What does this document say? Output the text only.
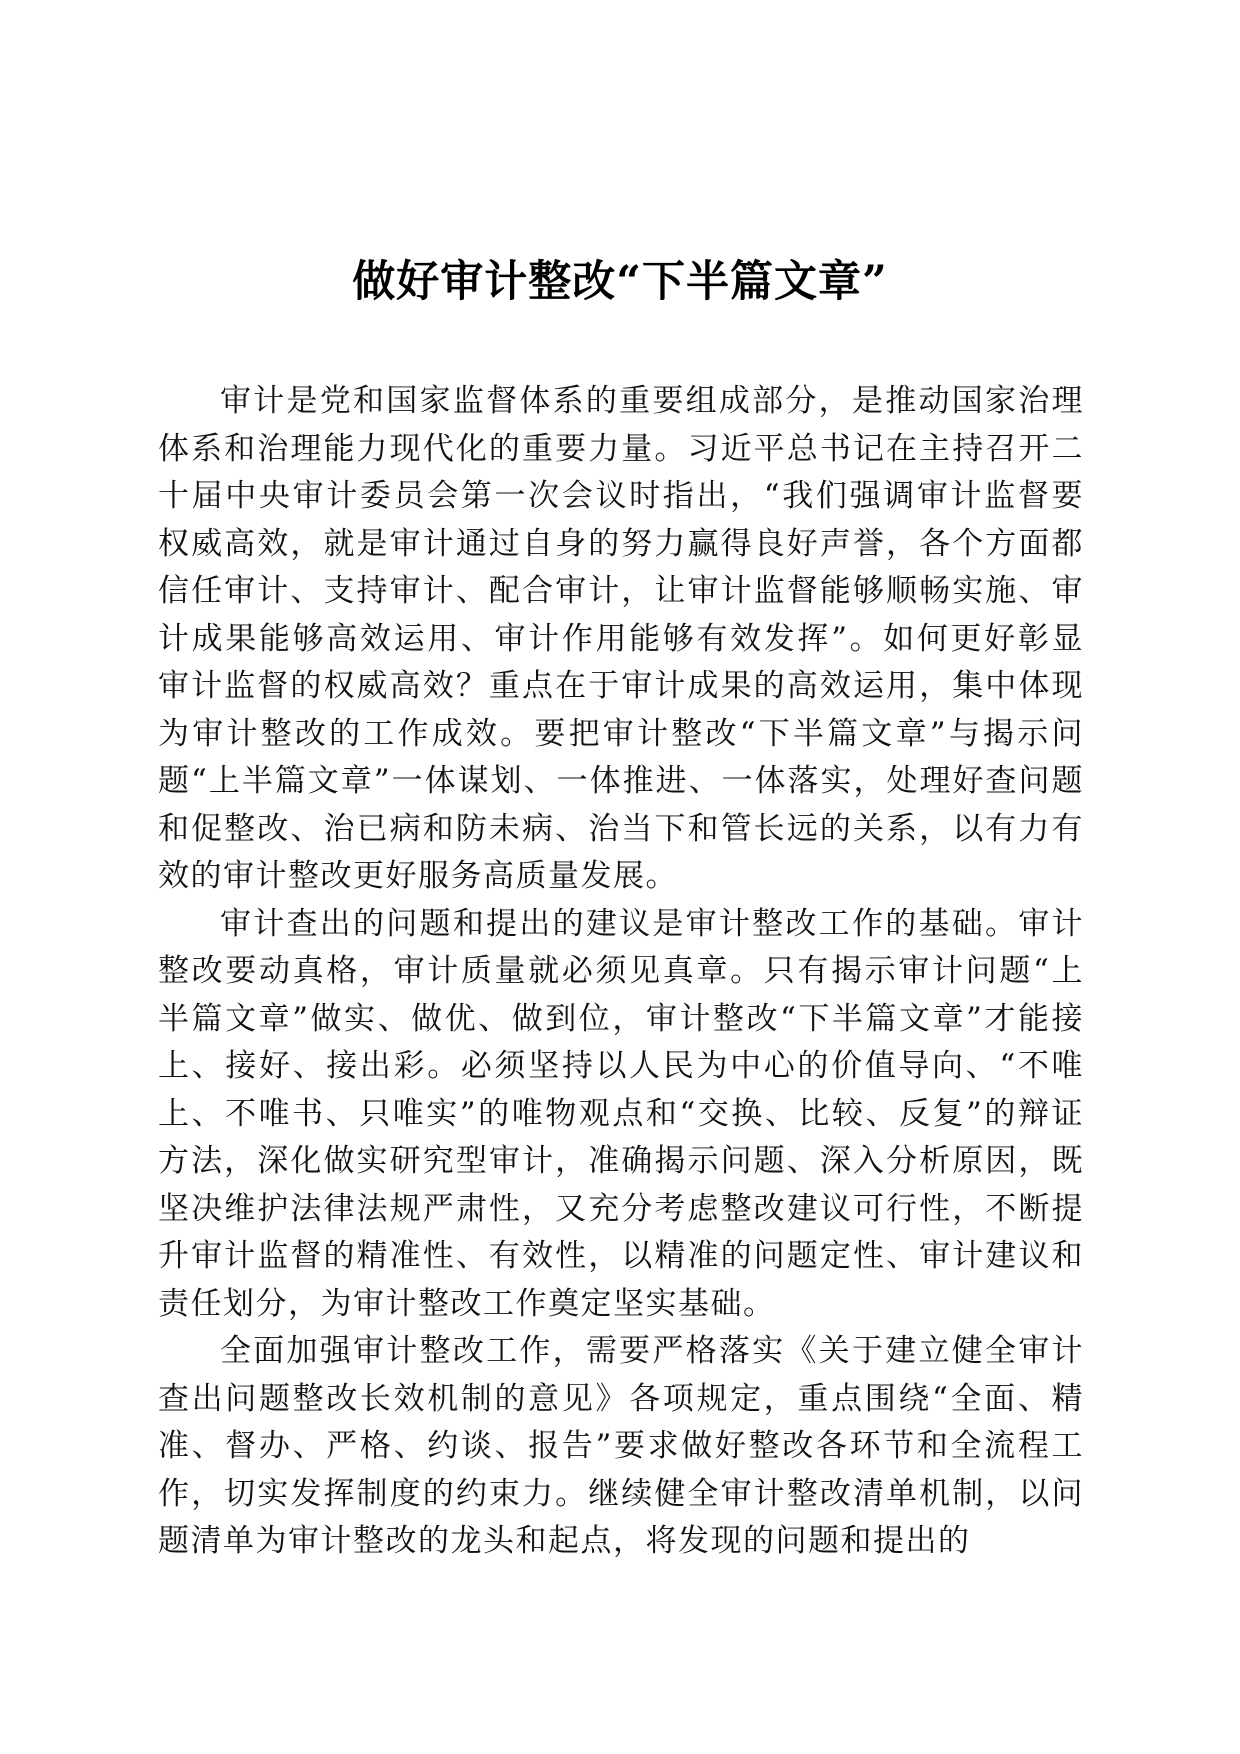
做好审计整改“下半篇文章”

审计是党和国家监督体系的重要组成部分，是推动国家治理体系和治理能力现代化的重要力量。习近平总书记在主持召开二十届中央审计委员会第一次会议时指出，“我们强调审计监督要权威高效，就是审计通过自身的努力赢得良好声誉，各个方面都信任审计、支持审计、配合审计，让审计监督能够顺畅实施、审计成果能够高效运用、审计作用能够有效发挥”。如何更好彰显审计监督的权威高效？重点在于审计成果的高效运用，集中体现为审计整改的工作成效。要把审计整改“下半篇文章”与揭示问题“上半篇文章”一体谋划、一体推进、一体落实，处理好查问题和促整改、治已病和防未病、治当下和管长远的关系，以有力有效的审计整改更好服务高质量发展。

审计查出的问题和提出的建议是审计整改工作的基础。审计整改要动真格，审计质量就必须见真章。只有揭示审计问题“上半篇文章”做实、做优、做到位，审计整改“下半篇文章”才能接上、接好、接出彩。必须坚持以人民为中心的价值导向、“不唯上、不唯书、只唯实”的唯物观点和“交换、比较、反复”的辩证方法，深化做实研究型审计，准确揭示问题、深入分析原因，既坚决维护法律法规严肃性，又充分考虑整改建议可行性，不断提升审计监督的精准性、有效性，以精准的问题定性、审计建议和责任划分，为审计整改工作奠定坚实基础。

全面加强审计整改工作，需要严格落实《关于建立健全审计查出问题整改长效机制的意见》各项规定，重点围绕“全面、精准、督办、严格、约谈、报告”要求做好整改各环节和全流程工作，切实发挥制度的约束力。继续健全审计整改清单机制，以问题清单为审计整改的龙头和起点，将发现的问题和提出的
